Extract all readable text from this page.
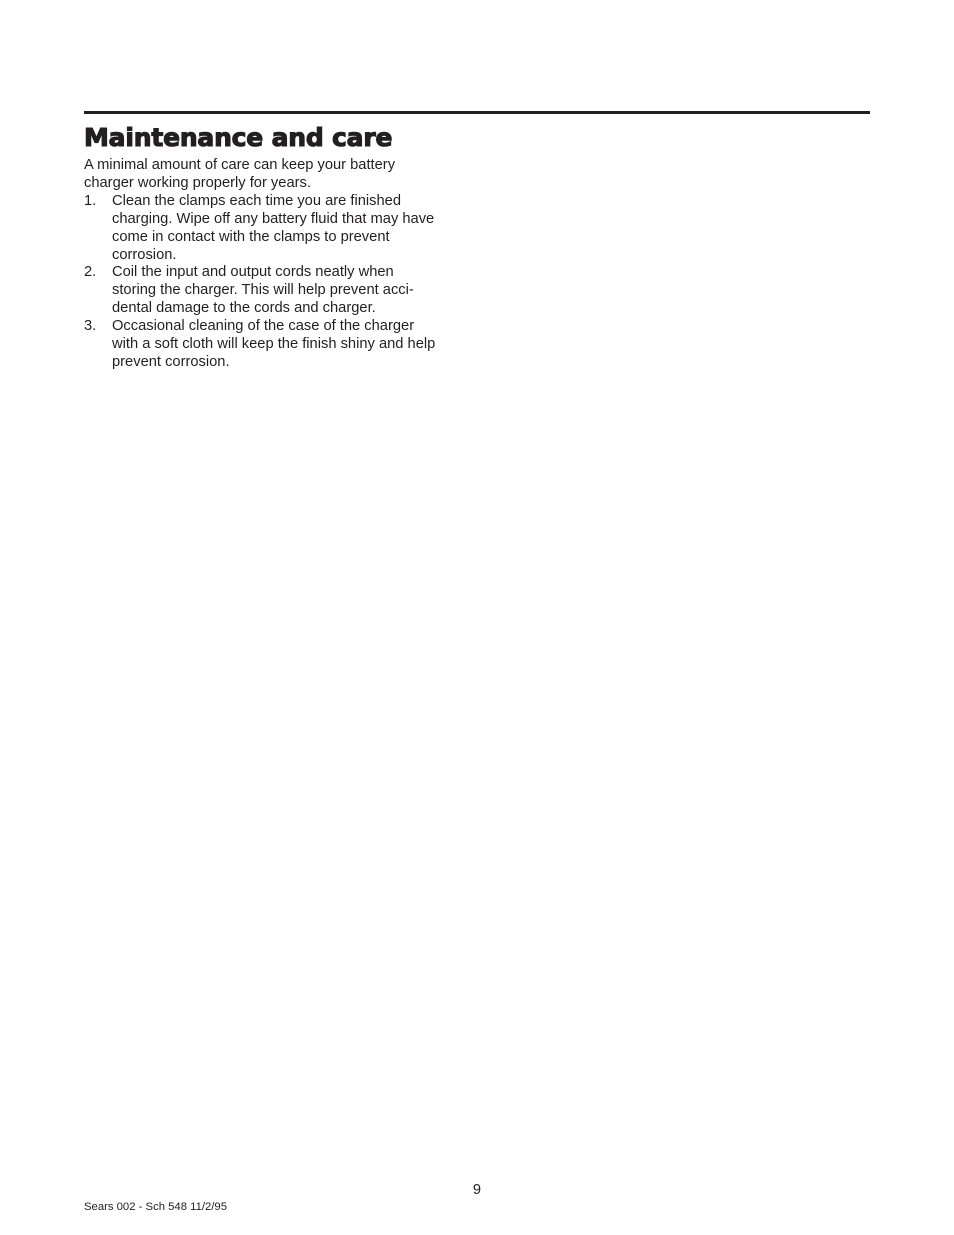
Maintenance and care

A minimal amount of care can keep your battery
charger working properly for years.

1. Clean the clamps each time you are finished
charging. Wipe off any battery fluid that may have
come in contact with the clamps to prevent
corrosion.
2. Coil the input and output cords neatly when
storing the charger. This will help prevent acci-
dental damage to the cords and charger.
3. Occasional cleaning of the case of the charger
with a soft cloth will keep the finish shiny and help
prevent corrosion.
9
Sears 002 - Sch 548 11/2/95
